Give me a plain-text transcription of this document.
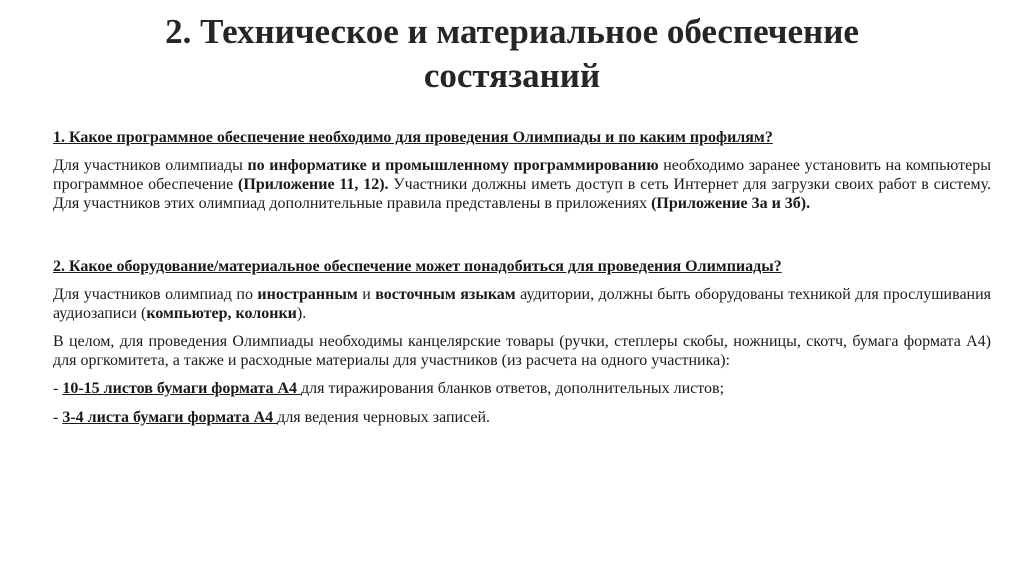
2. Техническое и материальное обеспечение
состязаний

1. Какое программное обеспечение необходимо для проведения Олимпиады и по каким профилям?

Для участников олимпиады по информатике и промышленному программированию необходимо заранее установить на компьютеры программное обеспечение (Приложение 11, 12). Участники должны иметь доступ в сеть Интернет для загрузки своих работ в систему. Для участников этих олимпиад дополнительные правила представлены в приложениях (Приложение 3а и 3б).

2. Какое оборудование/материальное обеспечение может понадобиться для проведения Олимпиады?

Для участников олимпиад по иностранным и восточным языкам аудитории, должны быть оборудованы техникой для прослушивания аудиозаписи (компьютер, колонки).

В целом, для проведения Олимпиады необходимы канцелярские товары (ручки, степлеры скобы, ножницы, скотч, бумага формата А4) для оргкомитета, а также и расходные материалы для участников (из расчета на одного участника):

- 10-15 листов бумаги формата А4 для тиражирования бланков ответов, дополнительных листов;

- 3-4 листа бумаги формата А4 для ведения черновых записей.
